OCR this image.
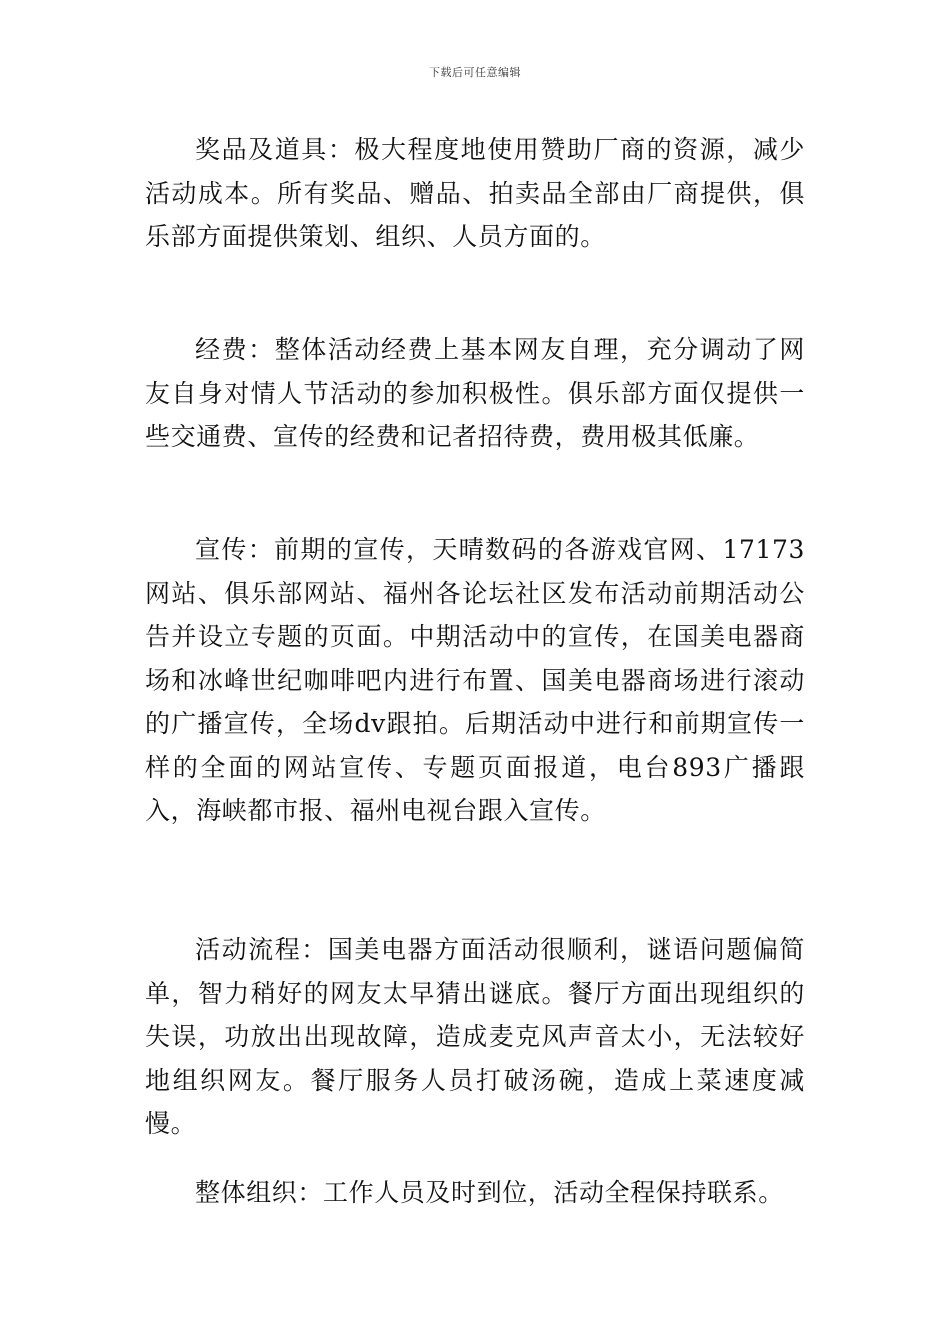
下载后可任意编辑

奖品及道具：极大程度地使用赞助厂商的资源，减少活动成本。所有奖品、赠品、拍卖品全部由厂商提供，俱乐部方面提供策划、组织、人员方面的。

经费：整体活动经费上基本网友自理，充分调动了网友自身对情人节活动的参加积极性。俱乐部方面仅提供一些交通费、宣传的经费和记者招待费，费用极其低廉。

宣传：前期的宣传，天晴数码的各游戏官网、17173网站、俱乐部网站、福州各论坛社区发布活动前期活动公告并设立专题的页面。中期活动中的宣传，在国美电器商场和冰峰世纪咖啡吧内进行布置、国美电器商场进行滚动的广播宣传，全场dv跟拍。后期活动中进行和前期宣传一样的全面的网站宣传、专题页面报道，电台893广播跟入，海峡都市报、福州电视台跟入宣传。

活动流程：国美电器方面活动很顺利，谜语问题偏简单，智力稍好的网友太早猜出谜底。餐厅方面出现组织的失误，功放出出现故障，造成麦克风声音太小，无法较好地组织网友。餐厅服务人员打破汤碗，造成上菜速度减慢。

整体组织：工作人员及时到位，活动全程保持联系。
